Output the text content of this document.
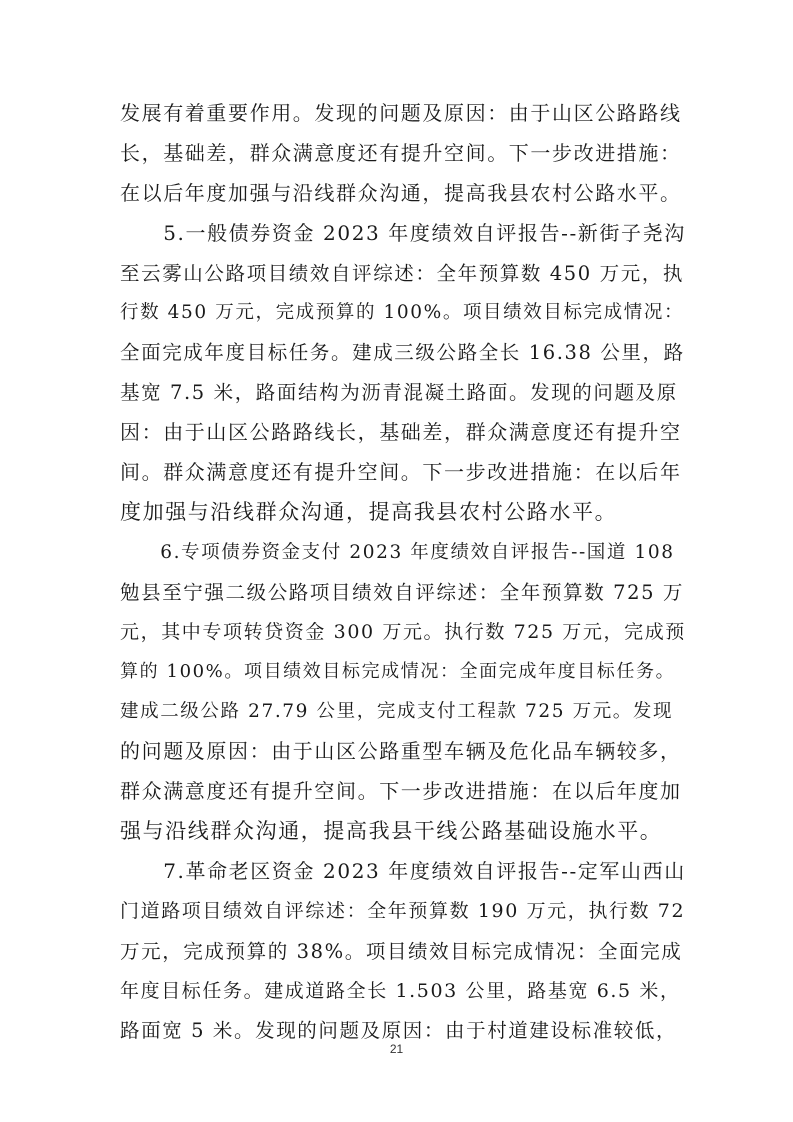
发展有着重要作用。发现的问题及原因：由于山区公路路线
长，基础差，群众满意度还有提升空间。下一步改进措施：
在以后年度加强与沿线群众沟通，提高我县农村公路水平。
　　5.一般债券资金 2023 年度绩效自评报告--新街子尧沟
至云雾山公路项目绩效自评综述：全年预算数 450 万元，执
行数 450 万元，完成预算的 100%。项目绩效目标完成情况：
全面完成年度目标任务。建成三级公路全长 16.38 公里，路
基宽 7.5 米，路面结构为沥青混凝土路面。发现的问题及原
因：由于山区公路路线长，基础差，群众满意度还有提升空
间。群众满意度还有提升空间。下一步改进措施：在以后年
度加强与沿线群众沟通，提高我县农村公路水平。
　　6.专项债券资金支付 2023 年度绩效自评报告--国道 108
勉县至宁强二级公路项目绩效自评综述：全年预算数 725 万
元，其中专项转贷资金 300 万元。执行数 725 万元，完成预
算的 100%。项目绩效目标完成情况：全面完成年度目标任务。
建成二级公路 27.79 公里，完成支付工程款 725 万元。发现
的问题及原因：由于山区公路重型车辆及危化品车辆较多，
群众满意度还有提升空间。下一步改进措施：在以后年度加
强与沿线群众沟通，提高我县干线公路基础设施水平。
　　7.革命老区资金 2023 年度绩效自评报告--定军山西山
门道路项目绩效自评综述：全年预算数 190 万元，执行数 72
万元，完成预算的 38%。项目绩效目标完成情况：全面完成
年度目标任务。建成道路全长 1.503 公里，路基宽 6.5 米，
路面宽 5 米。发现的问题及原因：由于村道建设标准较低，
21
